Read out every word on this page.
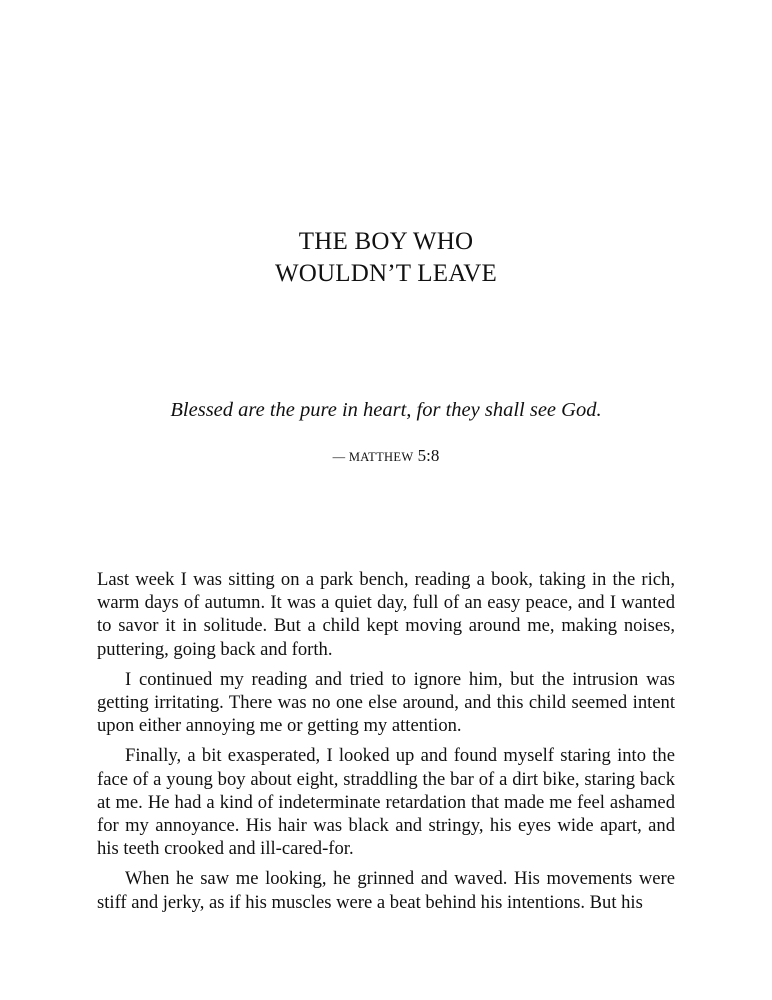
THE BOY WHO
WOULDN’T LEAVE
Blessed are the pure in heart, for they shall see God.
— MATTHEW 5:8

Last week I was sitting on a park bench, reading a book, taking in the rich, warm days of autumn. It was a quiet day, full of an easy peace, and I wanted to savor it in solitude. But a child kept moving around me, making noises, puttering, going back and forth.

I continued my reading and tried to ignore him, but the intrusion was getting irritating. There was no one else around, and this child seemed intent upon either annoying me or getting my attention.

Finally, a bit exasperated, I looked up and found myself staring into the face of a young boy about eight, straddling the bar of a dirt bike, staring back at me. He had a kind of indeterminate retardation that made me feel ashamed for my annoyance. His hair was black and stringy, his eyes wide apart, and his teeth crooked and ill-cared-for.

When he saw me looking, he grinned and waved. His movements were stiff and jerky, as if his muscles were a beat behind his intentions. But his
